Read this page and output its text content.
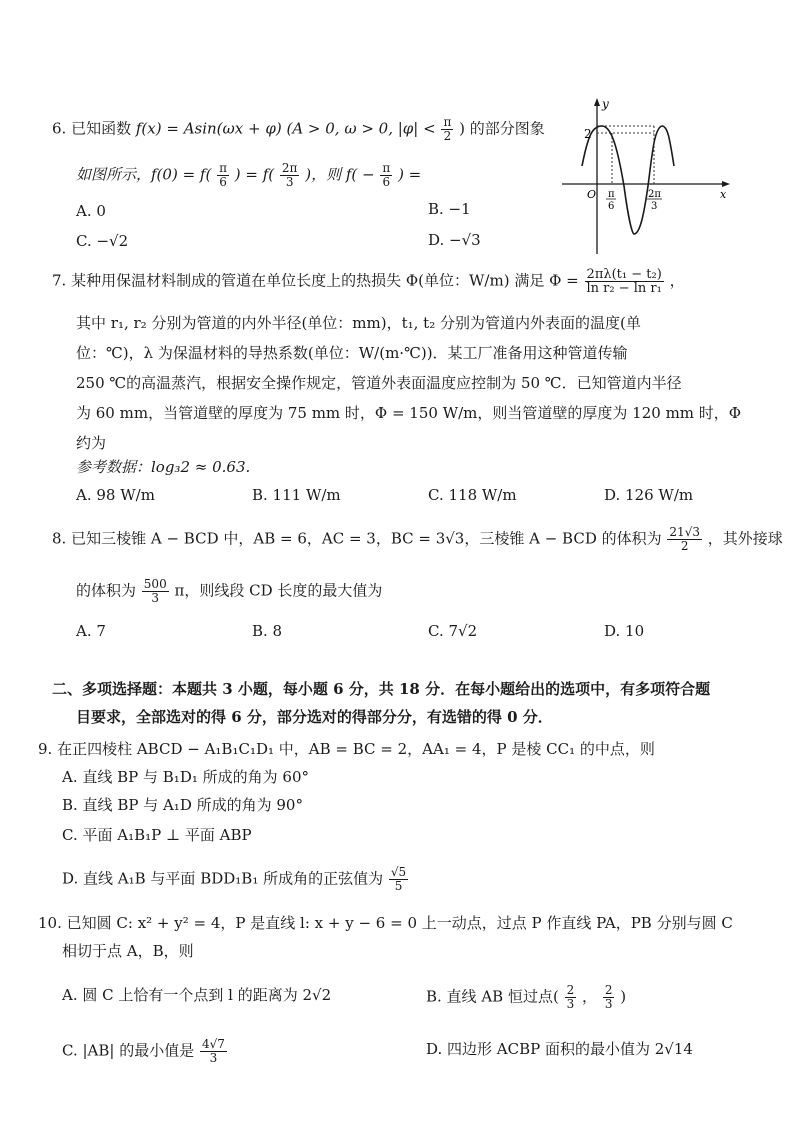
6. 已知函数 f(x) = Asin(ωx + φ) (A > 0, ω > 0, $|\varphi| < \frac{\pi}{2}$ ) 的部分图象
如图所示，$f(0) = f( \frac{\pi}{6}$ ) = $f( \frac{2\pi}{3}$ )，则 $f( - \frac{\pi}{6}$ ) =
A. 0	B. −1
C. −√2	D. −√3
y
x
O
2
π
6
2π
3
7. 某种用保温材料制成的管道在单位长度上的热损失 Φ(单位：W/m) 满足 $\Phi = \frac{\text{2πλ(t₁ − t₂)}}{\text{ln r₂ − ln r₁}}$ ，
其中 r₁, r₂ 分别为管道的内外半径(单位：mm)，t₁, t₂ 分别为管道内外表面的温度(单
位：℃)，λ 为保温材料的导热系数(单位：W/(m·℃))．某工厂准备用这种管道传输
250 ℃的高温蒸汽，根据安全操作规定，管道外表面温度应控制为 50 ℃．已知管道内半径
为 60 mm，当管道壁的厚度为 75 mm 时，Φ = 150 W/m，则当管道壁的厚度为 120 mm 时，Φ
约为
参考数据：log₃2 ≈ 0.63.
A. 98 W/m	B. 111 W/m	C. 118 W/m	D. 126 W/m
8. 已知三棱锥 A − BCD 中，AB = 6，AC = 3，BC = 3√3，三棱锥 A − BCD 的体积为 $\frac{21√3}{2}$ ，其外接球
的体积为 $\frac{500}{3}$ π，则线段 CD 长度的最大值为
A. 7	B. 8	C. 7√2	D. 10
二、多项选择题：本题共 3 小题，每小题 6 分，共 18 分．在每小题给出的选项中，有多项符合题
目要求，全部选对的得 6 分，部分选对的得部分分，有选错的得 0 分．
9. 在正四棱柱 ABCD − A₁B₁C₁D₁ 中，AB = BC = 2，AA₁ = 4，P 是棱 CC₁ 的中点，则
A. 直线 BP 与 B₁D₁ 所成的角为 60°
B. 直线 BP 与 A₁D 所成的角为 90°
C. 平面 A₁B₁P ⊥ 平面 ABP
D. 直线 A₁B 与平面 BDD₁B₁ 所成角的正弦值为 $\frac{√5}{5}$
10. 已知圆 C: x² + y² = 4，P 是直线 l: x + y − 6 = 0 上一动点，过点 P 作直线 PA，PB 分别与圆 C
相切于点 A，B，则
A. 圆 C 上恰有一个点到 l 的距离为 2√2	B. 直线 AB 恒过点( $\frac{2}{3}$ ， $\frac{2}{3}$ )
C. |AB| 的最小值是 $\frac{4√7}{3}$	D. 四边形 ACBP 面积的最小值为 2√14
